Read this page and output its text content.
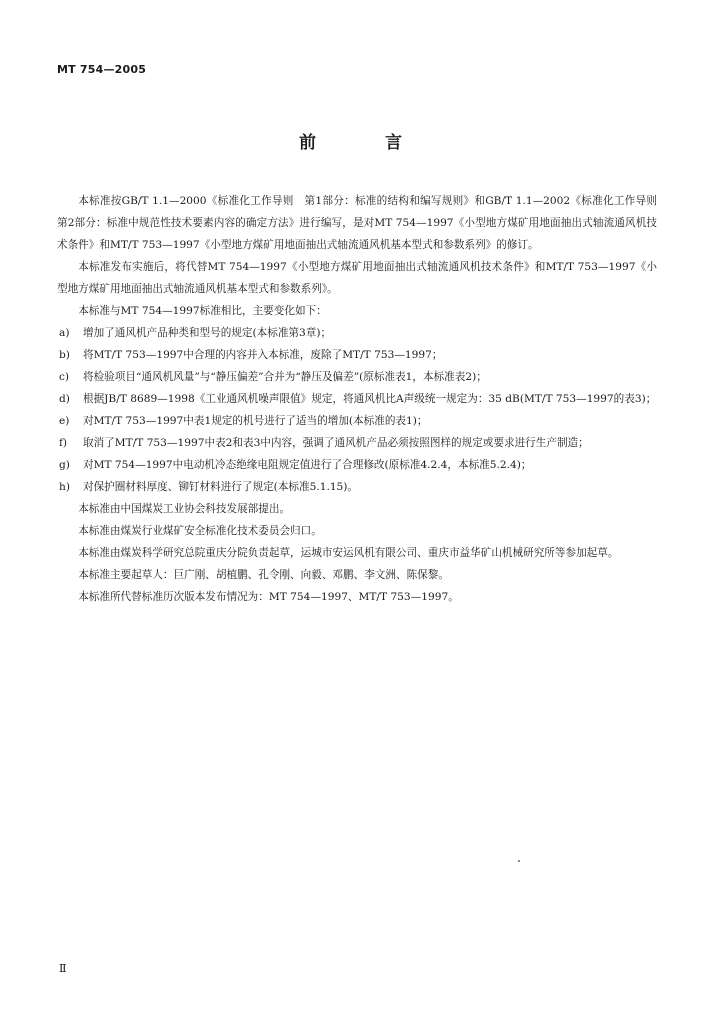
MT 754—2005
前　言

本标准按GB/T 1.1—2000《标准化工作导则　第1部分：标准的结构和编写规则》和GB/T 1.1—2002《标准化工作导则　第2部分：标准中规范性技术要素内容的确定方法》进行编写，是对MT 754—1997《小型地方煤矿用地面抽出式轴流通风机技术条件》和MT/T 753—1997《小型地方煤矿用地面抽出式轴流通风机基本型式和参数系列》的修订。

本标准发布实施后，将代替MT 754—1997《小型地方煤矿用地面抽出式轴流通风机技术条件》和MT/T 753—1997《小型地方煤矿用地面抽出式轴流通风机基本型式和参数系列》。

本标准与MT 754—1997标准相比，主要变化如下：

a) 增加了通风机产品种类和型号的规定(本标准第3章)；

b) 将MT/T 753—1997中合理的内容并入本标准，废除了MT/T 753—1997；

c) 将检验项目“通风机风量”与“静压偏差”合并为“静压及偏差”(原标准表1，本标准表2)；

d) 根据JB/T 8689—1998《工业通风机噪声限值》规定，将通风机比A声级统一规定为：35 dB(MT/T 753—1997的表3)；

e) 对MT/T 753—1997中表1规定的机号进行了适当的增加(本标准的表1)；

f) 取消了MT/T 753—1997中表2和表3中内容，强调了通风机产品必须按照图样的规定或要求进行生产制造；

g) 对MT 754—1997中电动机冷态绝缘电阻规定值进行了合理修改(原标准4.2.4，本标准5.2.4)；

h) 对保护圈材料厚度、铆钉材料进行了规定(本标准5.1.15)。

本标准由中国煤炭工业协会科技发展部提出。

本标准由煤炭行业煤矿安全标准化技术委员会归口。

本标准由煤炭科学研究总院重庆分院负责起草，运城市安运风机有限公司、重庆市益华矿山机械研究所等参加起草。

本标准主要起草人：巨广刚、胡植鹏、孔令刚、向毅、邓鹏、李文洲、陈保黎。

本标准所代替标准历次版本发布情况为：MT 754—1997、MT/T 753—1997。

Ⅱ
